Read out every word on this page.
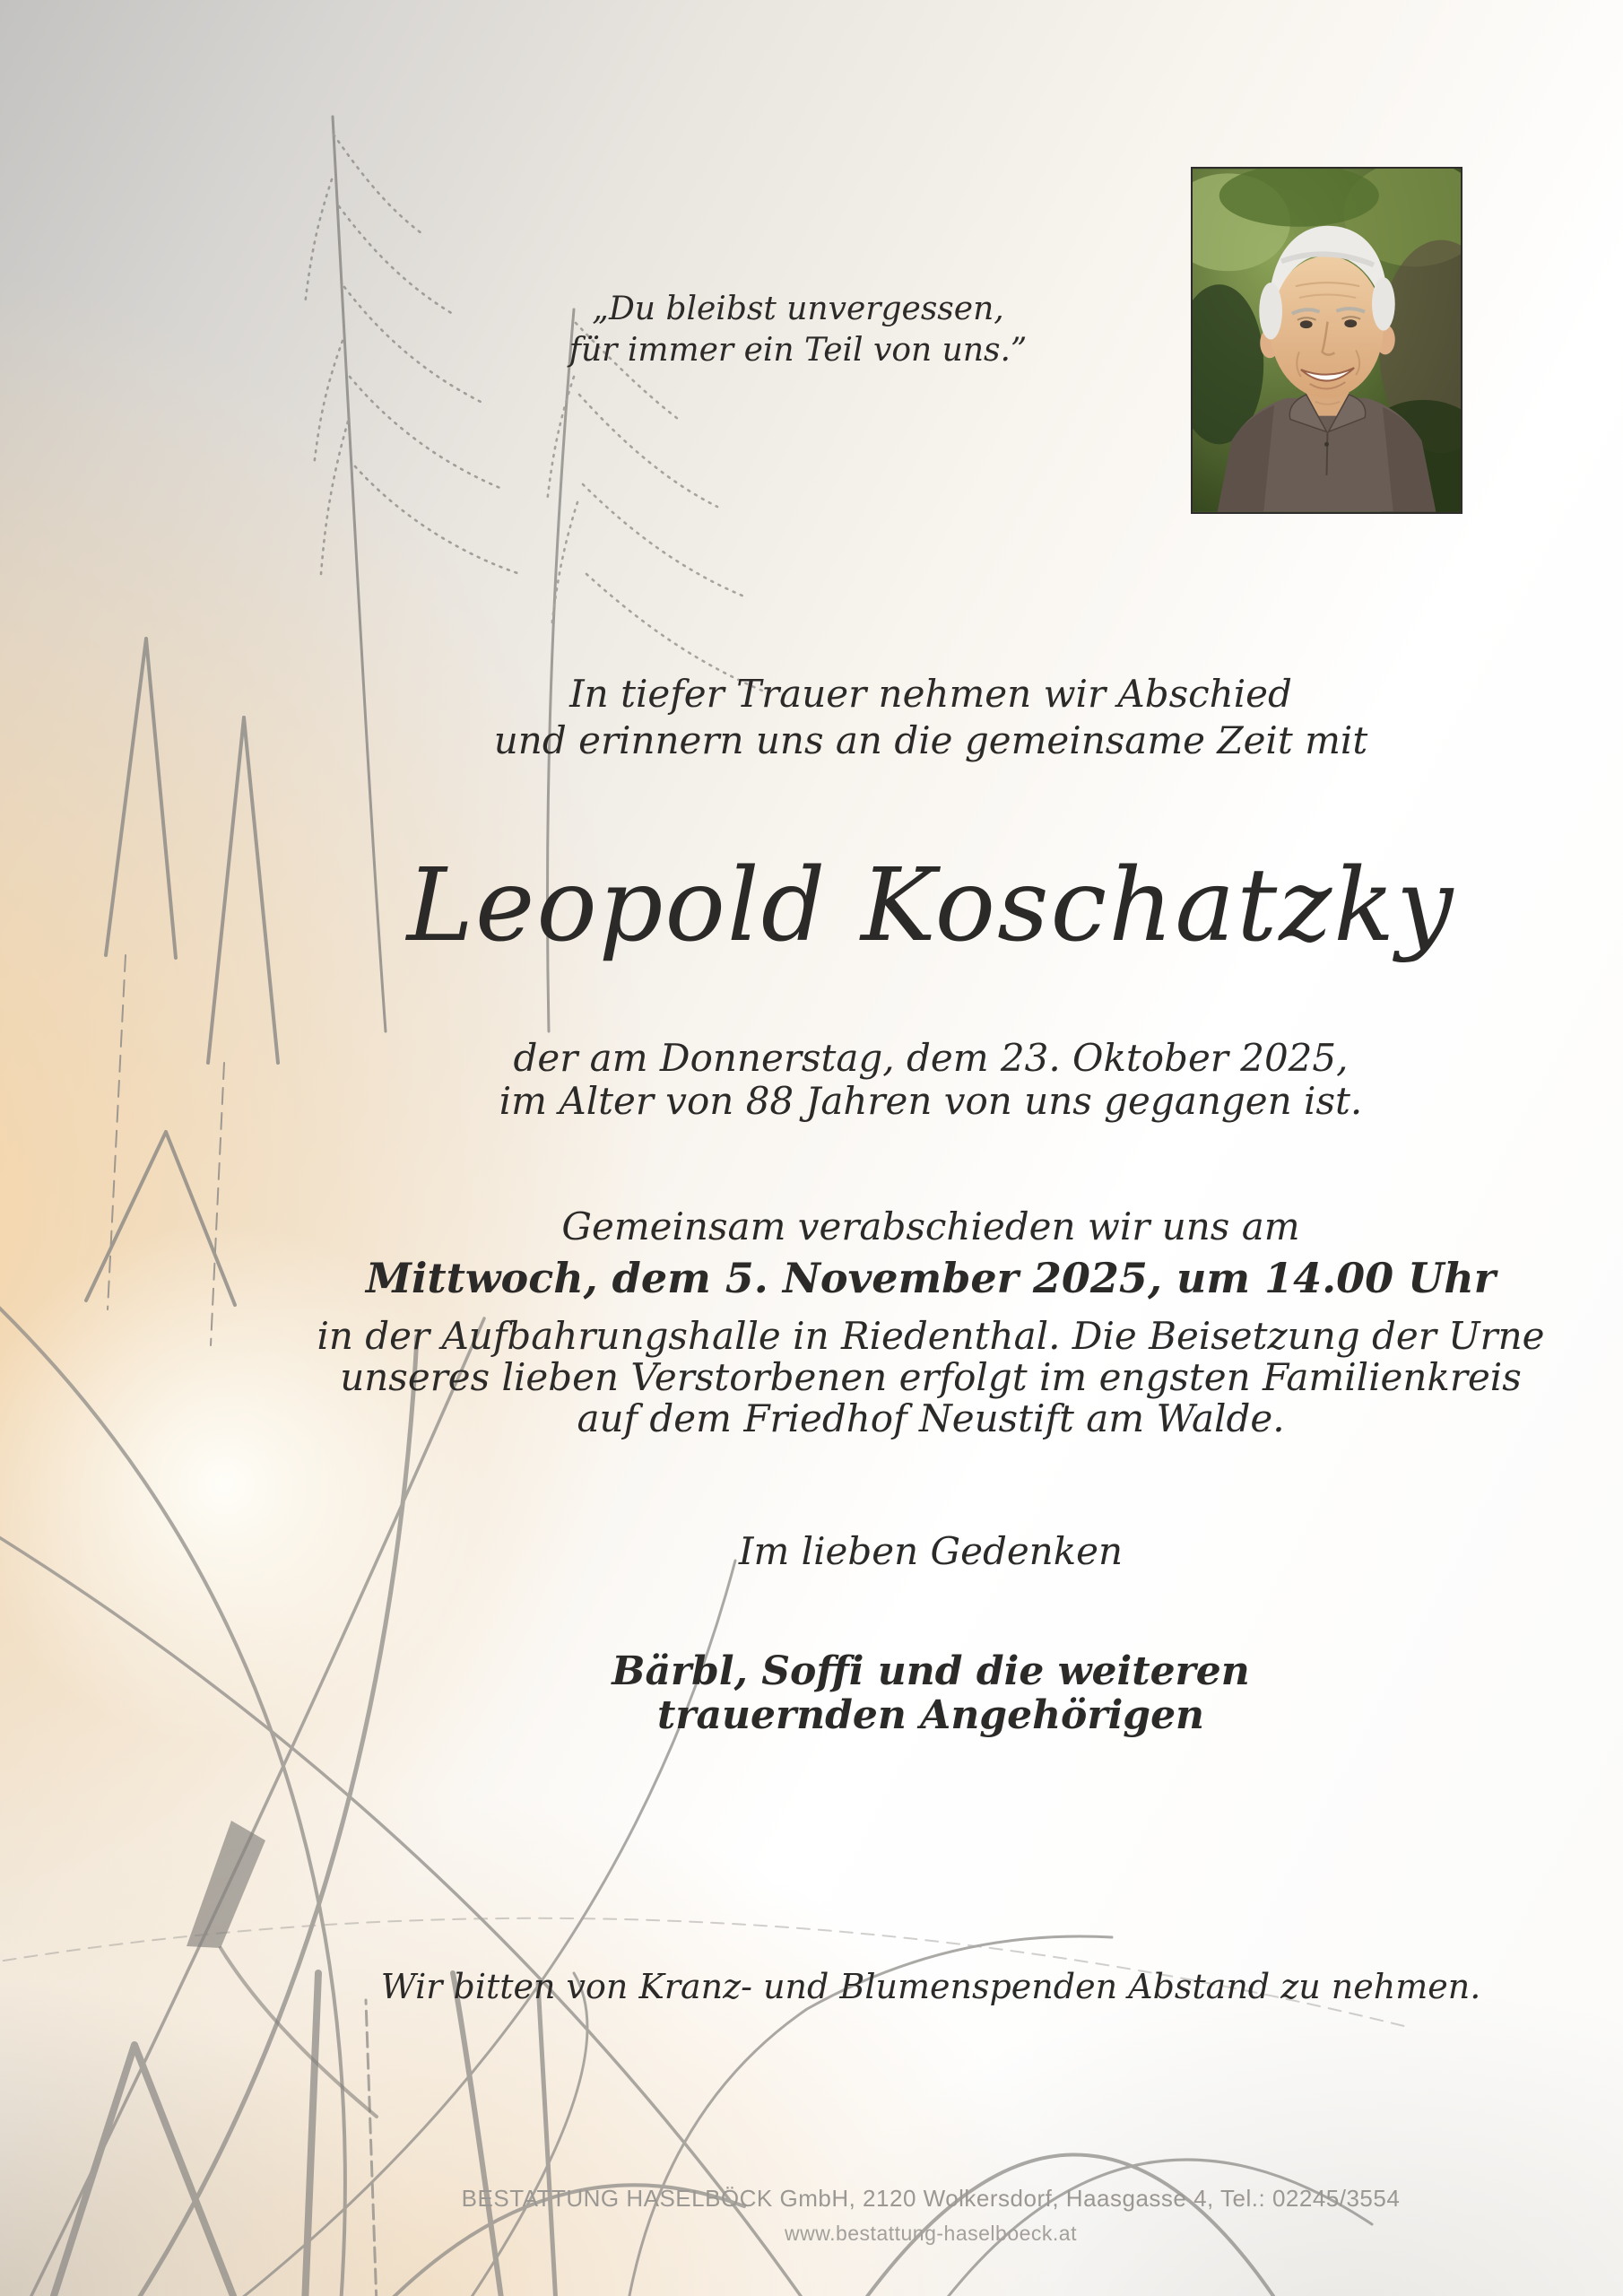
„Du bleibst unvergessen,
für immer ein Teil von uns.”
In tiefer Trauer nehmen wir Abschied
und erinnern uns an die gemeinsame Zeit mit
Leopold Koschatzky
der am Donnerstag, dem 23. Oktober 2025,
im Alter von 88 Jahren von uns gegangen ist.
Gemeinsam verabschieden wir uns am
Mittwoch, dem 5. November 2025, um 14.00 Uhr
in der Aufbahrungshalle in Riedenthal. Die Beisetzung der Urne
unseres lieben Verstorbenen erfolgt im engsten Familienkreis
auf dem Friedhof Neustift am Walde.
Im lieben Gedenken
Bärbl, Soffi und die weiteren
trauernden Angehörigen
Wir bitten von Kranz- und Blumenspenden Abstand zu nehmen.
BESTATTUNG HASELBÖCK GmbH, 2120 Wolkersdorf, Haasgasse 4, Tel.: 02245/3554
www.bestattung-haselboeck.at
